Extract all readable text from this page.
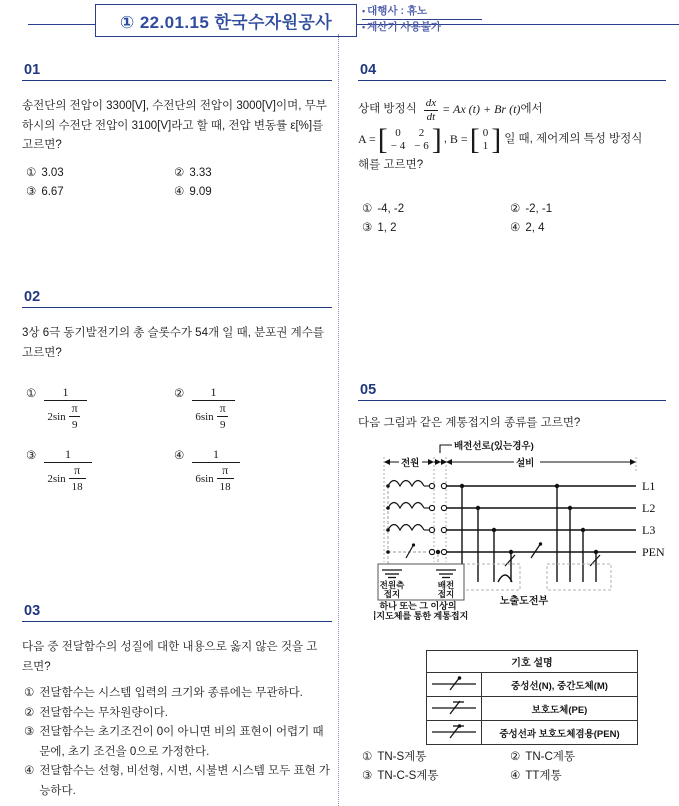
① 22.01.15 한국수자원공사
• 대행사 : 휴노
• 계산기 사용불가
01
송전단의 전압이 3300[V], 수전단의 전압이 3000[V]이며, 무부하시의 수전단 전압이 3100[V]라고 할 때, 전압 변동률 ε[%]를 고르면?
① 3.03	② 3.33
③ 6.67	④ 9.09
02
3상 6극 동기발전기의 총 슬롯수가 54개 일 때, 분포권 계수를 고르면?
① $\frac{1}{2\sin \frac{\pi}{9}}$	② $\frac{1}{6\sin \frac{\pi}{9}}$
③ $\frac{1}{2\sin \frac{\pi}{18}}$	④ $\frac{1}{6\sin \frac{\pi}{18}}$
03
다음 중 전달함수의 성질에 대한 내용으로 옳지 않은 것을 고르면?
① 전달함수는 시스템 입력의 크기와 종류에는 무관하다.
② 전달함수는 무차원량이다.
③ 전달함수는 초기조건이 0이 아니면 비의 표현이 어렵기 때문에, 초기 조건을 0으로 가정한다.
④ 전달함수는 선형, 비선형, 시변, 시불변 시스템 모두 표현 가능하다.
04
상태 방정식 $\frac{dx}{dt} = Ax$ (t) + Br (t) 에서
A = [ 0	2
− 4 − 6 ] , B = [ 0
1 ] 일 때, 제어계의 특성 방정식
해를 고르면?
① -4, -2	② -2, -1
③ 1, 2	④ 2, 4
05
다음 그림과 같은 계통접지의 종류를 고르면?
배전선로(있는경우)
전원	설비
L1
L2
L3
PEN
전원측
접지
배전
접지
하나 또는 그 이상의
접지도체를 통한 계통접지
노출도전부
기호 설명	
	중성선(N), 중간도체(M)
	보호도체(PE)
	중성선과 보호도체겸용(PEN)
① TN-S계통	② TN-C계통
③ TN-C-S계통	④ TT계통
